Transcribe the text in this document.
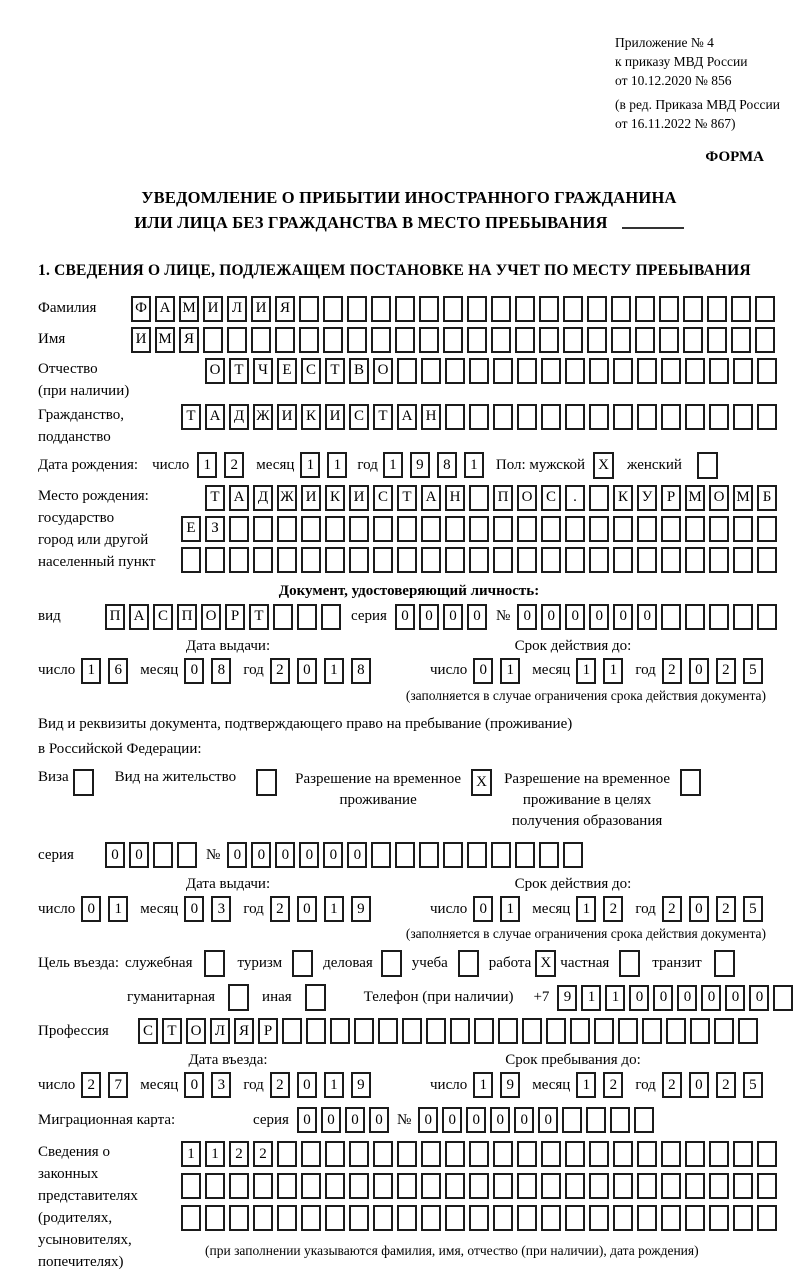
Приложение № 4
к приказу МВД России
от 10.12.2020 № 856
(в ред. Приказа МВД России
от 16.11.2022 № 867)
ФОРМА
УВЕДОМЛЕНИЕ О ПРИБЫТИИ ИНОСТРАННОГО ГРАЖДАНИНА
ИЛИ ЛИЦА БЕЗ ГРАЖДАНСТВА В МЕСТО ПРЕБЫВАНИЯ
1. СВЕДЕНИЯ О ЛИЦЕ, ПОДЛЕЖАЩЕМ ПОСТАНОВКЕ НА УЧЕТ ПО МЕСТУ ПРЕБЫВАНИЯ
Фамилия	Ф А М И Л И Я
Имя	И М Я
Отчество
(при наличии)
О Т Ч Е С Т В О
Гражданство,
подданство
Т А Д Ж И К И С Т А Н
Дата рождения: число 1	2	месяц 1	1	год 1	9	8	1	Пол: мужской X	женский
Место рождения:
государство
город или другой
населенный пункт
Т А Д Ж И К И С Т А Н	П О С	.	К У Р М О М Б
Е	З
Документ, удостоверяющий личность:
вид	П А С П О Р	Т	серия 0	0	0	0	№ 0	0	0	0	0	0
Дата выдачи:	Срок действия до:
число 1	6	месяц 0	8	год 2	0	1	8	число 0	1	месяц 1	1	год 2	0	2	5
(заполняется в случае ограничения срока действия документа)
Вид и реквизиты документа, подтверждающего право на пребывание (проживание)
в Российской Федерации:
Виза	Вид на жительство	Разрешение на временное
проживание
X	Разрешение на временное
проживание в целях
получения образования
серия	0	0	№ 0	0	0	0	0	0
Дата выдачи:	Срок действия до:
число 0	1	месяц 0	3	год 2	0	1	9	число 0	1	месяц 1	2	год 2	0	2	5
(заполняется в случае ограничения срока действия документа)
Цель въезда: служебная	туризм	деловая	учеба	работа X частная	транзит
гуманитарная	иная	Телефон (при наличии) +7 9	1	1	0	0	0	0	0	0
Профессия	С Т О Л Я Р
Дата въезда:	Срок пребывания до:
число 2	7	месяц 0	3	год 2	0	1	9	число 1	9	месяц 1	2	год 2	0	2	5
Миграционная карта:	серия 0	0	0	0 № 0	0	0	0	0	0
Сведения о
законных
представителях
(родителях,
усыновителях,
попечителях)
1	1	2	2
(при заполнении указываются фамилия, имя, отчество (при наличии), дата рождения)
